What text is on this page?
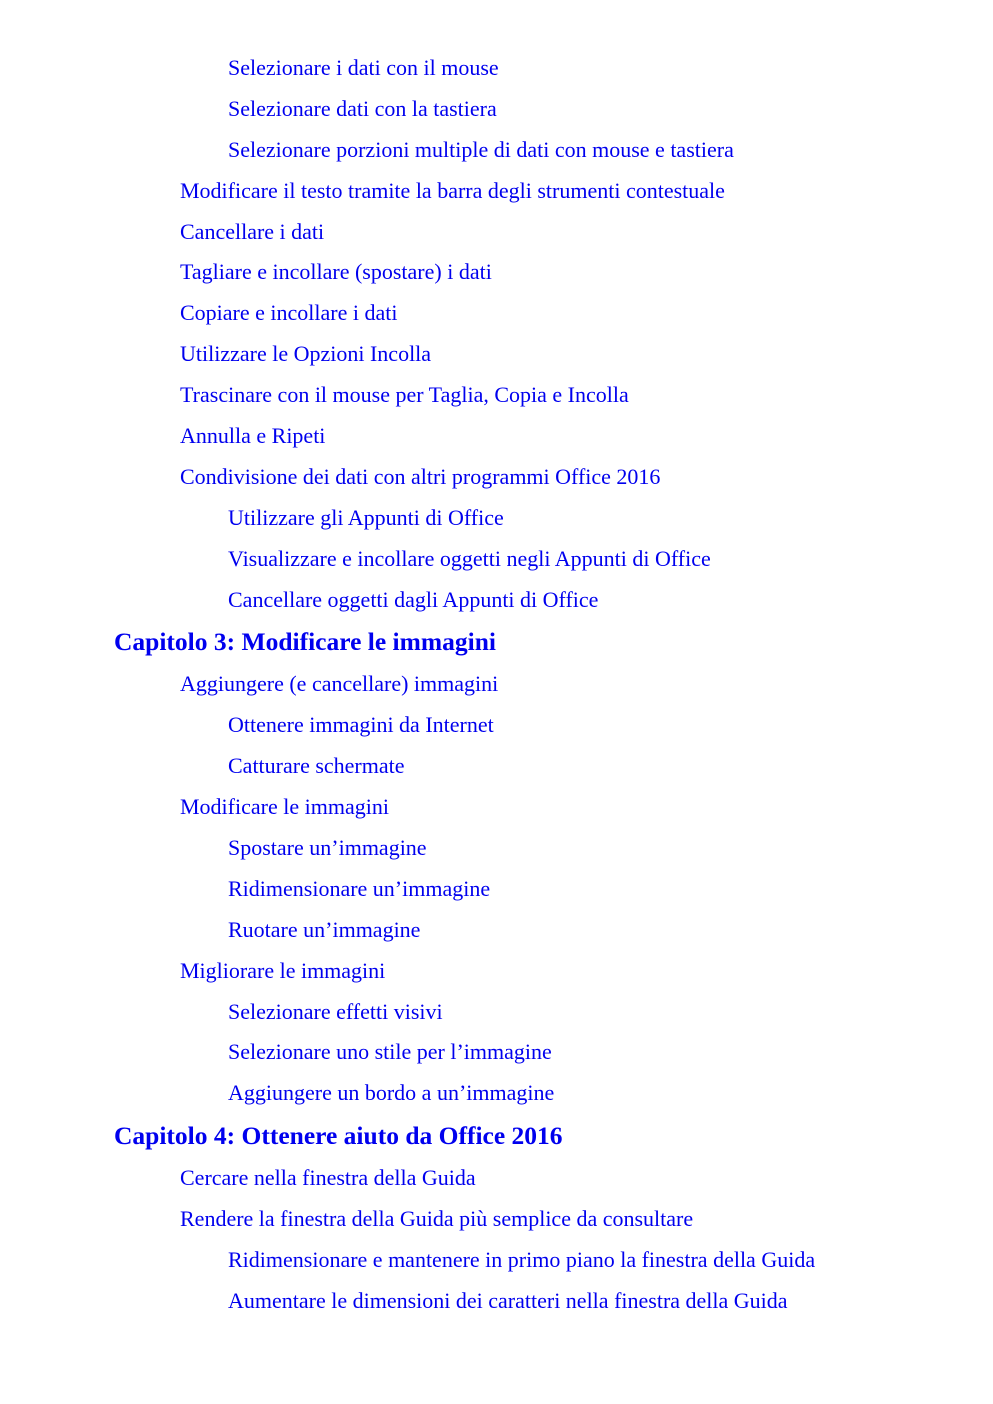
Selezionare i dati con il mouse
Selezionare dati con la tastiera
Selezionare porzioni multiple di dati con mouse e tastiera
Modificare il testo tramite la barra degli strumenti contestuale
Cancellare i dati
Tagliare e incollare (spostare) i dati
Copiare e incollare i dati
Utilizzare le Opzioni Incolla
Trascinare con il mouse per Taglia, Copia e Incolla
Annulla e Ripeti
Condivisione dei dati con altri programmi Office 2016
Utilizzare gli Appunti di Office
Visualizzare e incollare oggetti negli Appunti di Office
Cancellare oggetti dagli Appunti di Office
Capitolo 3: Modificare le immagini
Aggiungere (e cancellare) immagini
Ottenere immagini da Internet
Catturare schermate
Modificare le immagini
Spostare un’immagine
Ridimensionare un’immagine
Ruotare un’immagine
Migliorare le immagini
Selezionare effetti visivi
Selezionare uno stile per l’immagine
Aggiungere un bordo a un’immagine
Capitolo 4: Ottenere aiuto da Office 2016
Cercare nella finestra della Guida
Rendere la finestra della Guida più semplice da consultare
Ridimensionare e mantenere in primo piano la finestra della Guida
Aumentare le dimensioni dei caratteri nella finestra della Guida
